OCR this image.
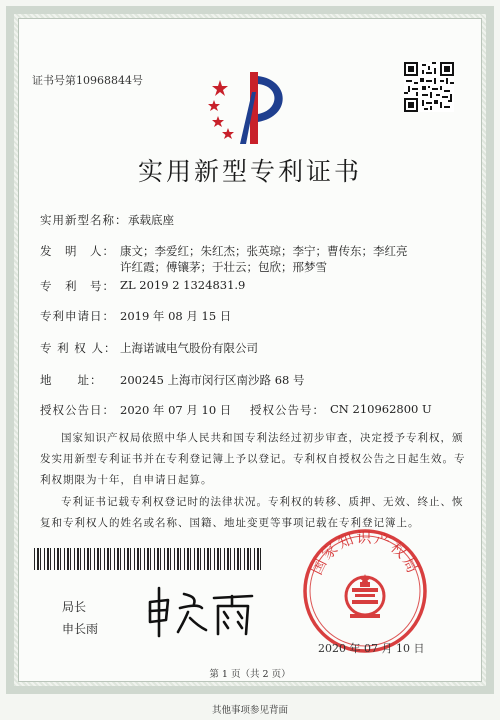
证书号第10968844号
实用新型专利证书
实用新型名称： 承载底座
发　明　人： 康文；李爱红；朱红杰；张英琼；李宁；曹传东；李红亮
许红霞；傅镶茅；于壮云；包欣；邢梦雪
专　利　号： ZL 2019 2 1324831.9
专利申请日： 2019 年 08 月 15 日
专 利 权 人： 上海诺诚电气股份有限公司
地　　址： 200245 上海市闵行区南沙路 68 号
授权公告日： 2020 年 07 月 10 日 授权公告号： CN 210962800 U
国家知识产权局依照中华人民共和国专利法经过初步审查，决定授予专利权，颁发实用新型专利证书并在专利登记簿上予以登记。专利权自授权公告之日起生效。专利权期限为十年，自申请日起算。
专利证书记载专利权登记时的法律状况。专利权的转移、质押、无效、终止、恢复和专利权人的姓名或名称、国籍、地址变更等事项记载在专利登记簿上。
局长
申长雨
国家知识产权局
2020 年 07 月 10 日
第 1 页（共 2 页）
其他事项参见背面
